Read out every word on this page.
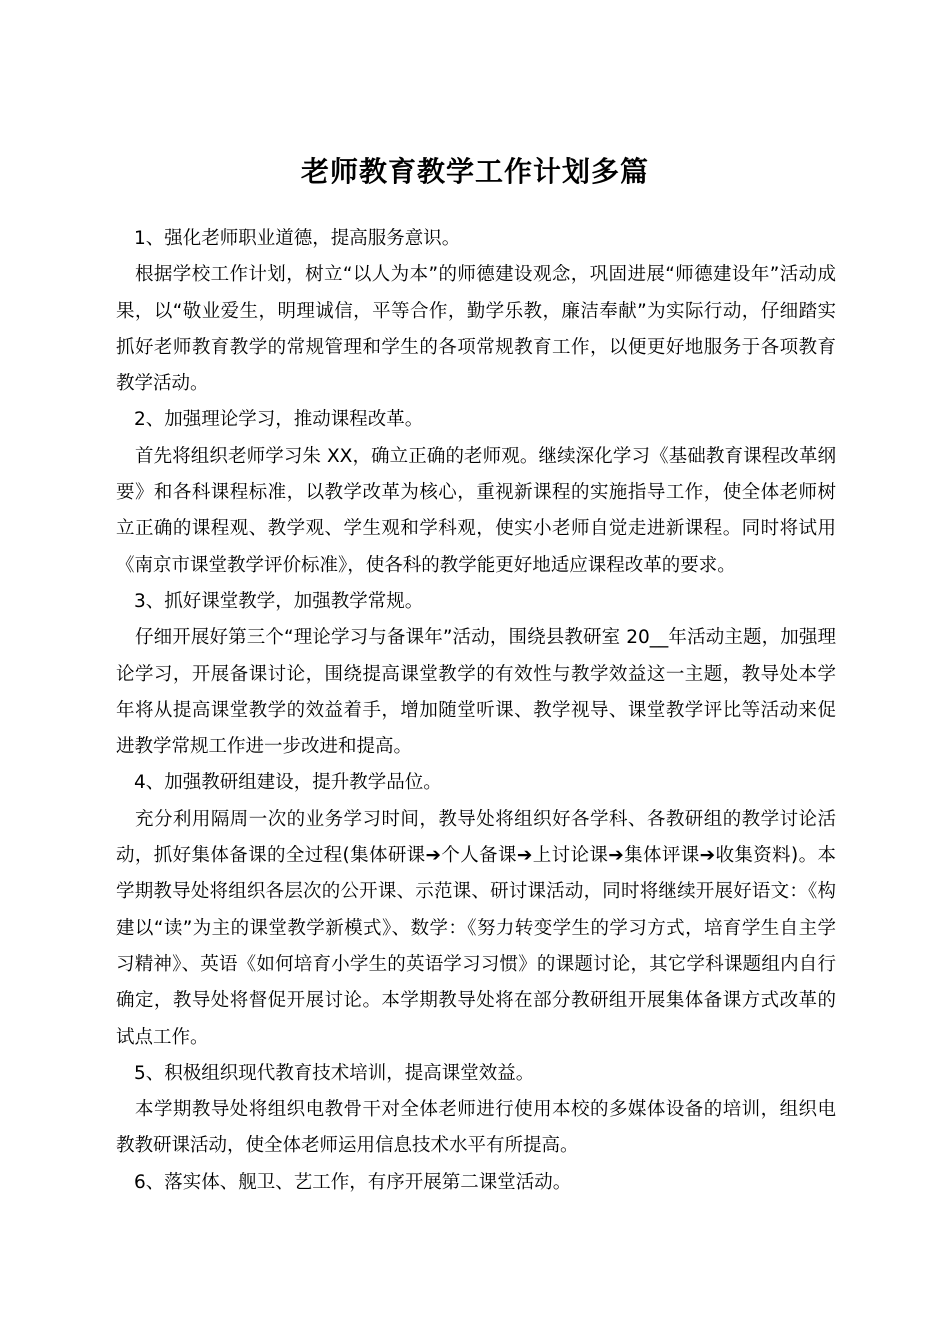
老师教育教学工作计划多篇

1、强化老师职业道德，提高服务意识。

根据学校工作计划，树立“以人为本”的师德建设观念，巩固进展“师德建设年”活动成果，以“敬业爱生，明理诚信，平等合作，勤学乐教，廉洁奉献”为实际行动，仔细踏实抓好老师教育教学的常规管理和学生的各项常规教育工作，以便更好地服务于各项教育教学活动。

2、加强理论学习，推动课程改革。

首先将组织老师学习朱 XX，确立正确的老师观。继续深化学习《基础教育课程改革纲要》和各科课程标准，以教学改革为核心，重视新课程的实施指导工作，使全体老师树立正确的课程观、教学观、学生观和学科观，使实小老师自觉走进新课程。同时将试用《南京市课堂教学评价标准》，使各科的教学能更好地适应课程改革的要求。

3、抓好课堂教学，加强教学常规。

仔细开展好第三个“理论学习与备课年”活动，围绕县教研室 20__年活动主题，加强理论学习，开展备课讨论，围绕提高课堂教学的有效性与教学效益这一主题，教导处本学年将从提高课堂教学的效益着手，增加随堂听课、教学视导、课堂教学评比等活动来促进教学常规工作进一步改进和提高。

4、加强教研组建设，提升教学品位。

充分利用隔周一次的业务学习时间，教导处将组织好各学科、各教研组的教学讨论活动，抓好集体备课的全过程(集体研课➔个人备课➔上讨论课➔集体评课➔收集资料)。本学期教导处将组织各层次的公开课、示范课、研讨课活动，同时将继续开展好语文：《构建以“读”为主的课堂教学新模式》、数学：《努力转变学生的学习方式，培育学生自主学习精神》、英语《如何培育小学生的英语学习习惯》的课题讨论，其它学科课题组内自行确定，教导处将督促开展讨论。本学期教导处将在部分教研组开展集体备课方式改革的试点工作。

5、积极组织现代教育技术培训，提高课堂效益。

本学期教导处将组织电教骨干对全体老师进行使用本校的多媒体设备的培训，组织电教教研课活动，使全体老师运用信息技术水平有所提高。

6、落实体、舰卫、艺工作，有序开展第二课堂活动。
